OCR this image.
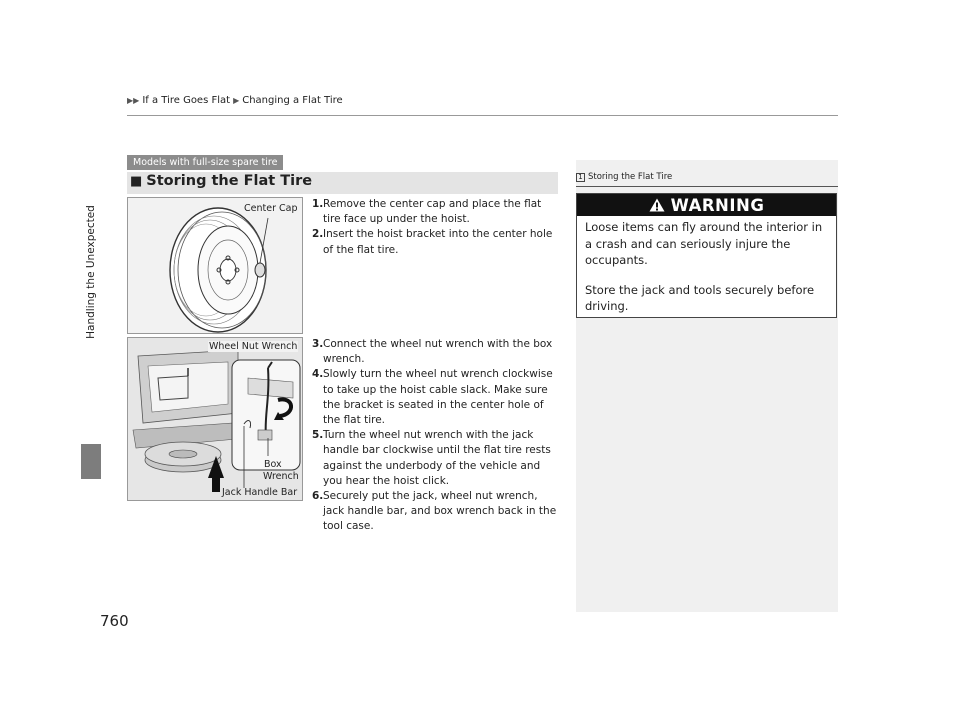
▶▶ If a Tire Goes Flat ▶ Changing a Flat Tire
Handling the Unexpected
760
Models with full-size spare tire
■ Storing the Flat Tire
Center Cap 1. Remove the center cap and place the flat tire face up under the hoist.
2. Insert the hoist bracket into the center hole of the flat tire.
Wheel Nut Wrench
Box
Wrench
Jack Handle Bar
3. Connect the wheel nut wrench with the box wrench.
4. Slowly turn the wheel nut wrench clockwise to take up the hoist cable slack. Make sure the bracket is seated in the center hole of the flat tire.
5. Turn the wheel nut wrench with the jack handle bar clockwise until the flat tire rests against the underbody of the vehicle and you hear the hoist click.
6. Securely put the jack, wheel nut wrench, jack handle bar, and box wrench back in the tool case.
1 Storing the Flat Tire
WARNING

Loose items can fly around the interior in a crash and can seriously injure the occupants.

Store the jack and tools securely before driving.
